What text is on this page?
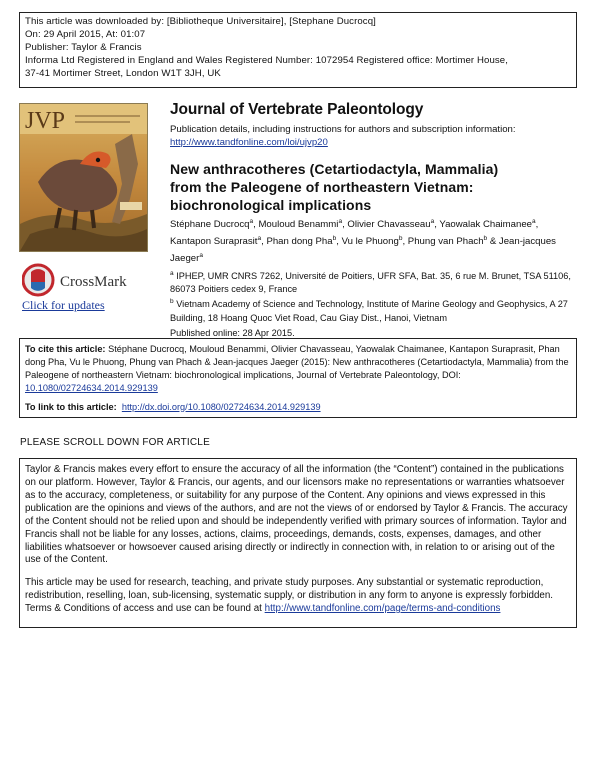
This article was downloaded by: [Bibliotheque Universitaire], [Stephane Ducrocq]
On: 29 April 2015, At: 01:07
Publisher: Taylor & Francis
Informa Ltd Registered in England and Wales Registered Number: 1072954 Registered office: Mortimer House,
37-41 Mortimer Street, London W1T 3JH, UK
JVP
CrossMark
Click for updates
Journal of Vertebrate Paleontology
Publication details, including instructions for authors and subscription information:
http://www.tandfonline.com/loi/ujvp20
New anthracotheres (Cetartiodactyla, Mammalia)
from the Paleogene of northeastern Vietnam:
biochronological implications
Stéphane Ducrocq$^a$, Mouloud Benammi$^a$, Olivier Chavasseau$^a$, Yaowalak Chaimanee$^a$, Kantapon Suraprasit$^a$, Phan dong Pha$^b$, Vu le Phuong$^b$, Phung van Phach$^b$ & Jean-jacques Jaeger$^a$
$^a$ IPHEP, UMR CNRS 7262, Université de Poitiers, UFR SFA, Bat. 35, 6 rue M. Brunet, TSA 51106, 86073 Poitiers cedex 9, France
$^b$ Vietnam Academy of Science and Technology, Institute of Marine Geology and Geophysics, A 27 Building, 18 Hoang Quoc Viet Road, Cau Giay Dist., Hanoi, Vietnam
Published online: 28 Apr 2015.
To cite this article: Stéphane Ducrocq, Mouloud Benammi, Olivier Chavasseau, Yaowalak Chaimanee, Kantapon Suraprasit, Phan dong Pha, Vu le Phuong, Phung van Phach & Jean-jacques Jaeger (2015): New anthracotheres (Cetartiodactyla, Mammalia) from the Paleogene of northeastern Vietnam: biochronological implications, Journal of Vertebrate Paleontology, DOI: 10.1080/02724634.2014.929139
To link to this article: http://dx.doi.org/10.1080/02724634.2014.929139
PLEASE SCROLL DOWN FOR ARTICLE

Taylor & Francis makes every effort to ensure the accuracy of all the information (the “Content”) contained in the publications on our platform. However, Taylor & Francis, our agents, and our licensors make no representations or warranties whatsoever as to the accuracy, completeness, or suitability for any purpose of the Content. Any opinions and views expressed in this publication are the opinions and views of the authors, and are not the views of or endorsed by Taylor & Francis. The accuracy of the Content should not be relied upon and should be independently verified with primary sources of information. Taylor and Francis shall not be liable for any losses, actions, claims, proceedings, demands, costs, expenses, damages, and other liabilities whatsoever or howsoever caused arising directly or indirectly in connection with, in relation to or arising out of the use of the Content.

This article may be used for research, teaching, and private study purposes. Any substantial or systematic reproduction, redistribution, reselling, loan, sub-licensing, systematic supply, or distribution in any form to anyone is expressly forbidden. Terms & Conditions of access and use can be found at http://www.tandfonline.com/page/terms-and-conditions
